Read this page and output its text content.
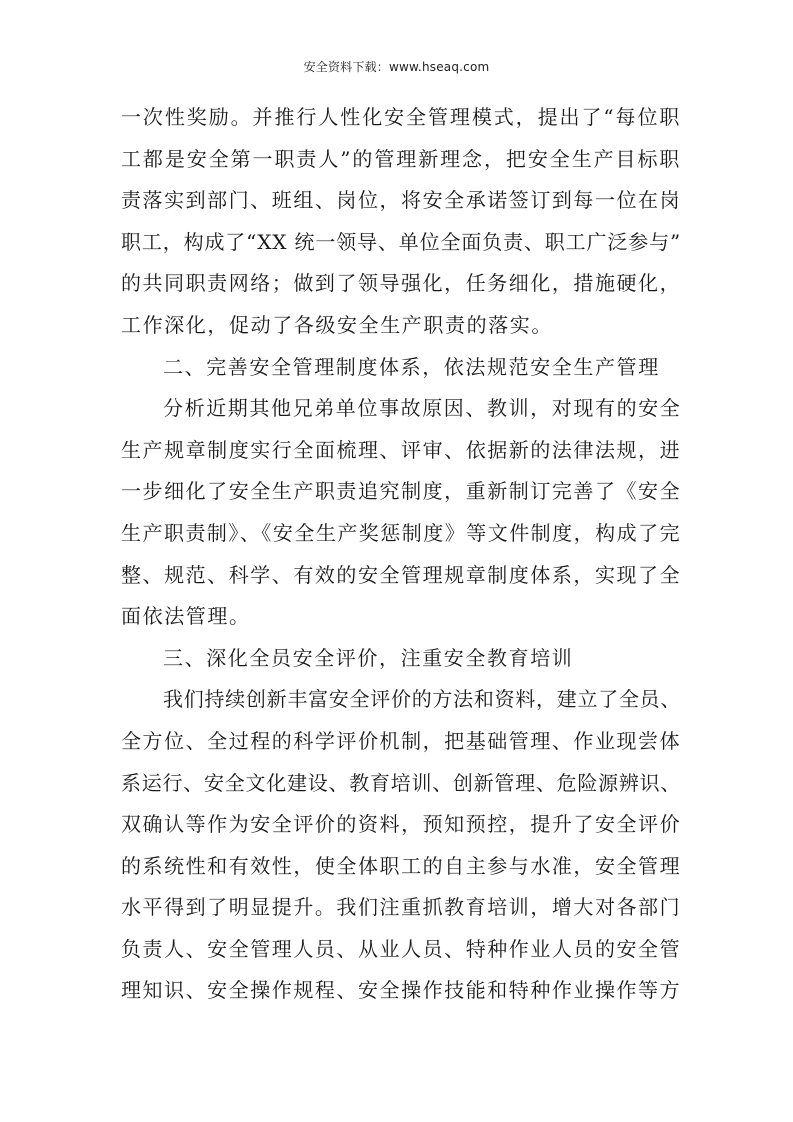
安全资料下载：www.hseaq.com
一次性奖励。并推行人性化安全管理模式，提出了“每位职
工都是安全第一职责人”的管理新理念，把安全生产目标职
责落实到部门、班组、岗位，将安全承诺签订到每一位在岗
职工，构成了“XX 统一领导、单位全面负责、职工广泛参与”
的共同职责网络；做到了领导强化，任务细化，措施硬化，
工作深化，促动了各级安全生产职责的落实。
二、完善安全管理制度体系，依法规范安全生产管理
分析近期其他兄弟单位事故原因、教训，对现有的安全
生产规章制度实行全面梳理、评审、依据新的法律法规，进
一步细化了安全生产职责追究制度，重新制订完善了《安全
生产职责制》、《安全生产奖惩制度》等文件制度，构成了完
整、规范、科学、有效的安全管理规章制度体系，实现了全
面依法管理。
三、深化全员安全评价，注重安全教育培训
我们持续创新丰富安全评价的方法和资料，建立了全员、
全方位、全过程的科学评价机制，把基础管理、作业现尝体
系运行、安全文化建设、教育培训、创新管理、危险源辨识、
双确认等作为安全评价的资料，预知预控，提升了安全评价
的系统性和有效性，使全体职工的自主参与水准，安全管理
水平得到了明显提升。我们注重抓教育培训，增大对各部门
负责人、安全管理人员、从业人员、特种作业人员的安全管
理知识、安全操作规程、安全操作技能和特种作业操作等方
